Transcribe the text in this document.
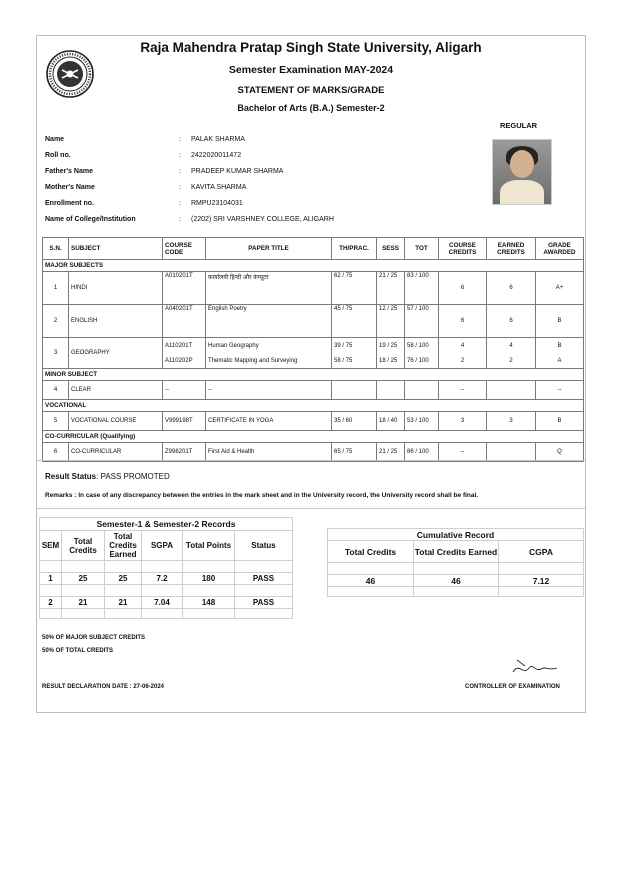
Raja Mahendra Pratap Singh State University, Aligarh
Semester Examination MAY-2024
STATEMENT OF MARKS/GRADE
Bachelor of Arts (B.A.) Semester-2
REGULAR
Name	: PALAK SHARMA
Roll no.	: 2422020011472
Father's Name	: PRADEEP KUMAR SHARMA
Mother's Name	: KAVITA SHARMA
Enrollment no.	: RMPU23104031
Name of College/Institution	: (2202) SRI VARSHNEY COLLEGE, ALIGARH
S.N.	SUBJECT	COURSE CODE	PAPER TITLE	TH/PRAC.	SESS	TOT	COURSE CREDITS	EARNED CREDITS	GRADE AWARDED
MAJOR SUBJECTS									
1	HINDI	A010201T	कार्यालयी हिन्दी और कंप्यूटर	62 / 75	21 / 25	83 / 100	6	6	A+
2	ENGLISH	A040201T	English Poetry	45 / 75	12 / 25	57 / 100	6	6	B
3	GEOGRAPHY	A110201T	Human Geography	39 / 75	19 / 25	58 / 100	4	4	B
		A110202P	Thematic Mapping and Surveying	58 / 75	18 / 25	76 / 100	2	2	A
MINOR SUBJECT									
4	CLEAR	--	--				--		--
VOCATIONAL									
5	VOCATIONAL COURSE	V999198T	CERTIFICATE IN YOGA	35 / 60	18 / 40	53 / 100	3	3	B
CO-CURRICULAR (Qualifying)									
6	CO-CURRICULAR	Z998201T	First Aid & Health	65 / 75	21 / 25	86 / 100	--		Q
Result Status: PASS PROMOTED
Remarks : In case of any discrepancy between the entries in the mark sheet and in the University record, the University record shall be final.
Semester-1 & Semester-2 Records					
SEM	Total Credits	Total Credits Earned	SGPA	Total Points	Status

1	25	25	7.2	180	PASS

2	21	21	7.04	148	PASS

Cumulative Record		
Total Credits	Total Credits Earned	CGPA

46	46	7.12

50% OF MAJOR SUBJECT CREDITS
50% OF TOTAL CREDITS
RESULT DECLARATION DATE : 27-06-2024	CONTROLLER OF EXAMINATION
